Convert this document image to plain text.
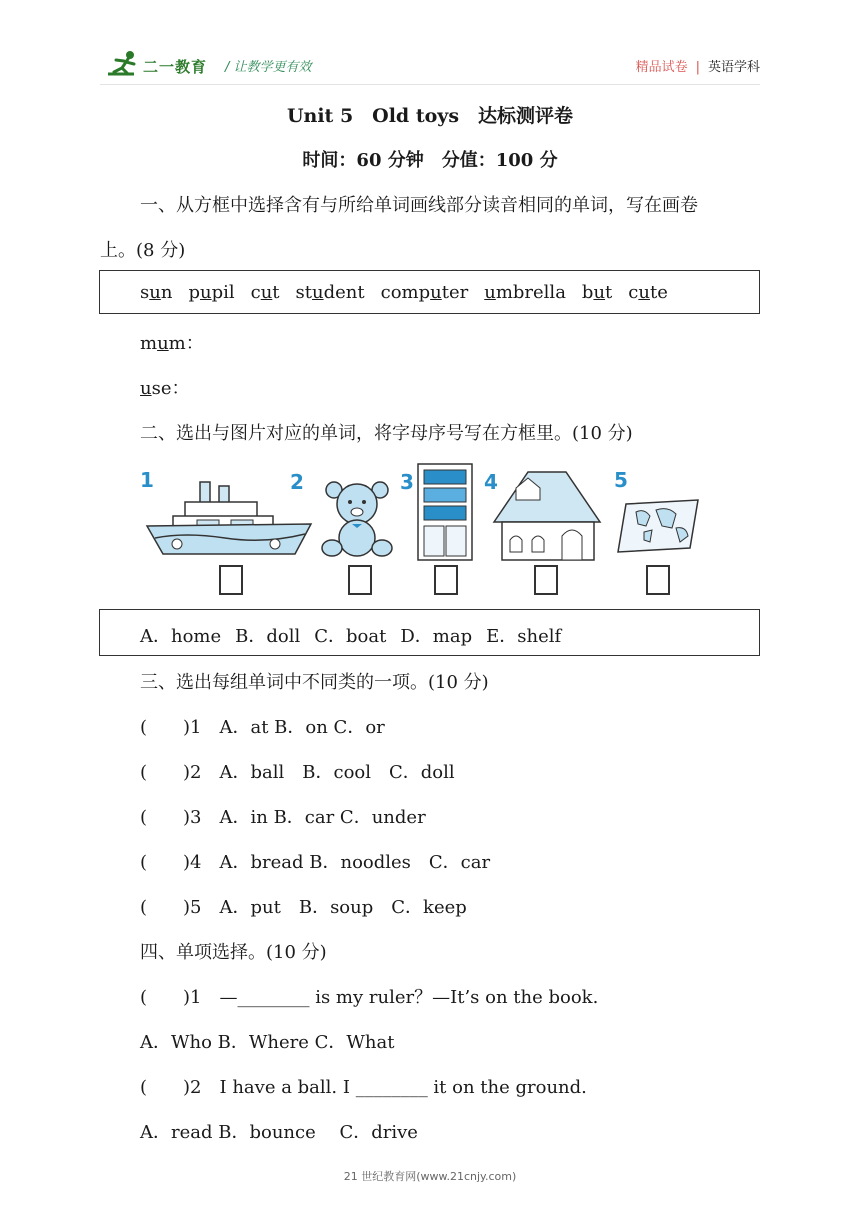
二一教育 / 让教学更有效	精品试卷 | 英语学科
Unit 5　Old toys　达标测评卷
时间：60 分钟　分值：100 分
一、从方框中选择含有与所给单词画线部分读音相同的单词，写在画卷
上。(8 分)
sun pupil cut student computer umbrella but cute
mum：
use：
二、选出与图片对应的单词，将字母序号写在方框里。(10 分)
1	2	3	4	5
A．home B．doll C．boat D．map E．shelf
三、选出每组单词中不同类的一项。(10 分)
(　　)1　A．at B．on C．or
(　　)2　A．ball　B．cool　C．doll
(　　)3　A．in B．car C．under
(　　)4　A．bread B．noodles　C．car
(　　)5　A．put　B．soup　C．keep
四、单项选择。(10 分)
(　　)1　—________ is my ruler？—It’s on the book.
A．Who B．Where C．What
(　　)2　I have a ball. I ________ it on the ground.
A．read B．bounce　 C．drive
21 世纪教育网(www.21cnjy.com)
